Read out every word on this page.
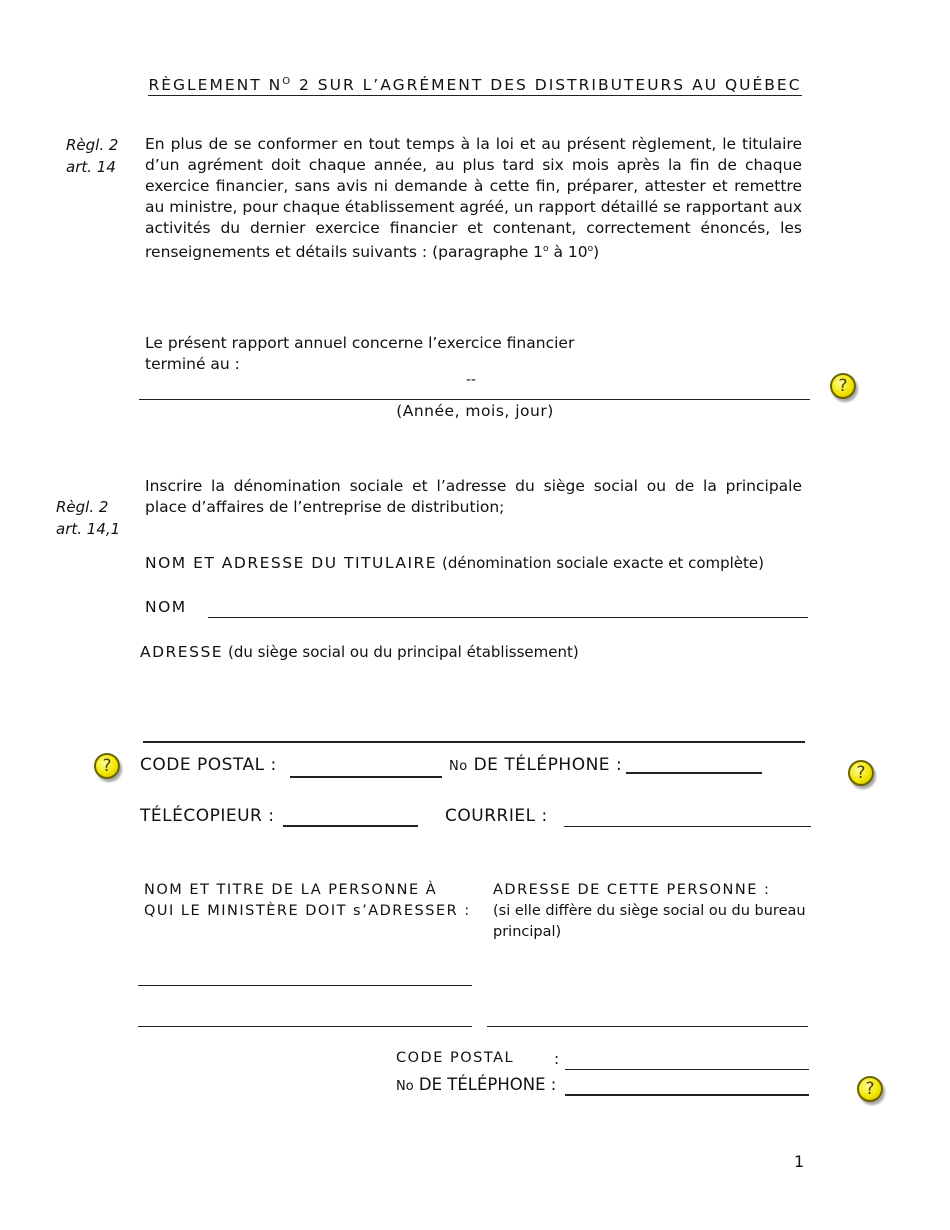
RÈGLEMENT $N^O$ 2 SUR L’AGRÉMENT DES DISTRIBUTEURS AU QUÉBEC
Règl. 2
art. 14
En plus de se conformer en tout temps à la loi et au présent règlement, le titulaire d’un agrément doit chaque année, au plus tard six mois après la fin de chaque exercice financier, sans avis ni demande à cette fin, préparer, attester et remettre au ministre, pour chaque établissement agréé, un rapport détaillé se rapportant aux activités du dernier exercice financier et contenant, correctement énoncés, les renseignements et détails suivants : (paragraphe 1$^o$ à 10$^o$)
Le présent rapport annuel concerne l’exercice financier terminé au :
--
(Année, mois, jour)
?
Règl. 2
art. 14,1
Inscrire la dénomination sociale et l’adresse du siège social ou de la principale place d’affaires de l’entreprise de distribution;
NOM ET ADRESSE DU TITULAIRE (dénomination sociale exacte et complète)
NOM
ADRESSE (du siège social ou du principal établissement)
?	CODE POSTAL :	No DE TÉLÉPHONE :	?
TÉLÉCOPIEUR :	COURRIEL :
NOM ET TITRE DE LA PERSONNE À QUI LE MINISTÈRE DOIT s’ADRESSER :
ADRESSE DE CETTE PERSONNE :
(si elle diffère du siège social ou du bureau principal)
CODE POSTAL	:
No DE TÉLÉPHONE :	?
1
